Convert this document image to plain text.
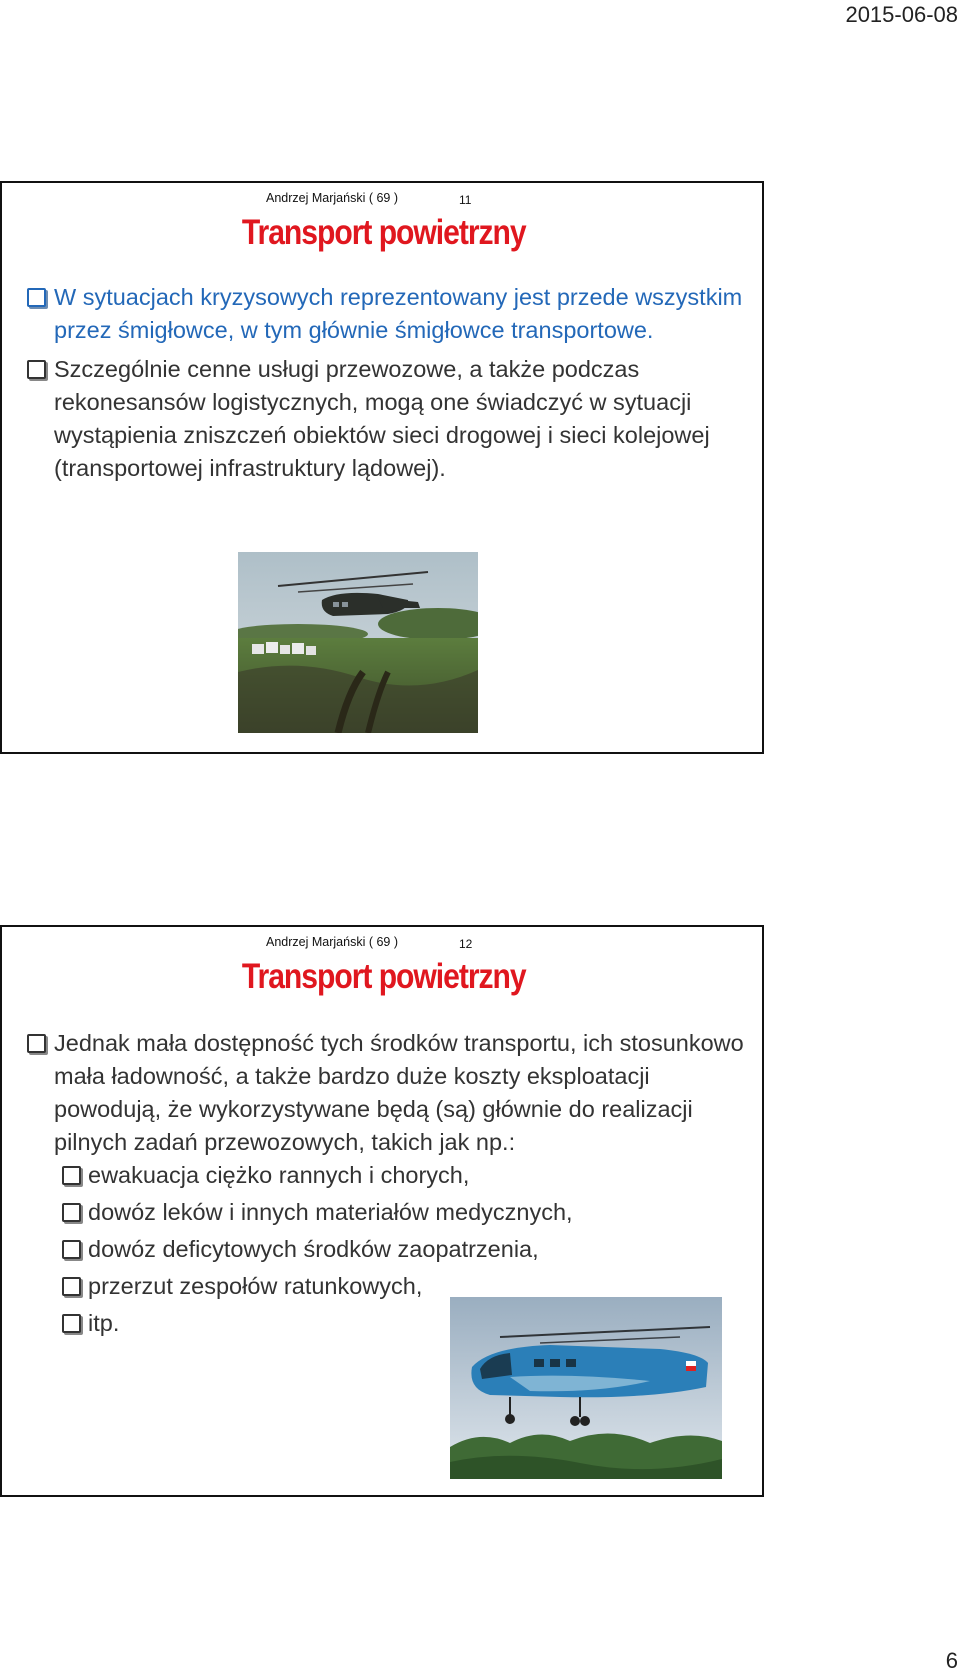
2015-06-08
Andrzej Marjański ( 69 )	11
Transport powietrzny
W sytuacjach kryzysowych reprezentowany jest przede wszystkim przez śmigłowce, w tym głównie śmigłowce transportowe.
Szczególnie cenne usługi przewozowe, a także podczas rekonesansów logistycznych, mogą one świadczyć w sytuacji wystąpienia zniszczeń obiektów sieci drogowej i sieci kolejowej (transportowej infrastruktury lądowej).
Andrzej Marjański ( 69 )	12
Transport powietrzny
Jednak mała dostępność tych środków transportu, ich stosunkowo mała ładowność, a także bardzo duże koszty eksploatacji powodują, że wykorzystywane będą (są) głównie do realizacji pilnych zadań przewozowych, takich jak np.:
ewakuacja ciężko rannych i chorych,
dowóz leków i innych materiałów medycznych,
dowóz deficytowych środków zaopatrzenia,
przerzut zespołów ratunkowych,
itp.
6
